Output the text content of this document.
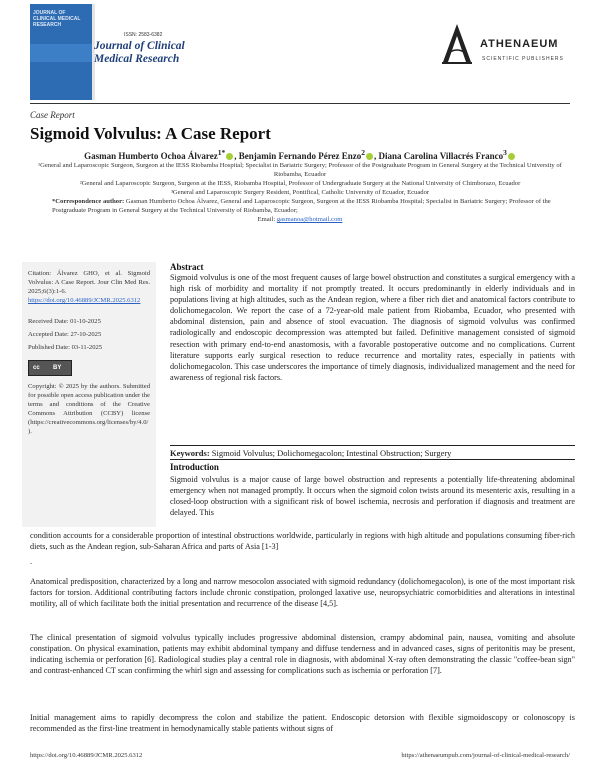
JOURNAL OF CLINICAL MEDICAL RESEARCH
ISSN: 2583-6382
Journal of Clinical
Medical Research
ATHENAEUM
SCIENTIFIC PUBLISHERS
Case Report
Sigmoid Volvulus: A Case Report
Gasman Humberto Ochoa Álvarez$^{1*}$ , Benjamin Fernando Pérez Enzo$^2$ , Diana Carolina Villacrés Franco$^3$

¹General and Laparoscopic Surgeon, Surgeon at the IESS Riobamba Hospital; Specialist in Bariatric Surgery; Professor of the Postgraduate Program in General Surgery at the Technical University of Riobamba, Ecuador

²General and Laparoscopic Surgeon, Surgeon at the IESS, Riobamba Hospital, Professor of Undergraduate Surgery at the National University of Chimborazo, Ecuador

³General and Laparoscopic Surgery Resident, Pontifical, Catholic University of Ecuador, Ecuador

*Correspondence author: Gasman Humberto Ochoa Álvarez, General and Laparoscopic Surgeon, Surgeon at the IESS Riobamba Hospital; Specialist in Bariatric Surgery; Professor of the Postgraduate Program in General Surgery at the Technical University of Riobamba, Ecuador;

Email: gasmanoa@hotmail.com

Citation: Álvarez GHO, et al. Sigmoid Volvulus: A Case Report. Jour Clin Med Res. 2025;6(3):1-6.

https://doi.org/10.46889/JCMR.2025.6312

Received Date: 01-10-2025

Accepted Date: 27-10-2025

Published Date: 03-11-2025

cc BY

Copyright: © 2025 by the authors. Submitted for possible open access publication under the terms and conditions of the Creative Commons Attribution (CCBY) license (https://creativecommons.org/licenses/by/4.0/).

Abstract
Sigmoid volvulus is one of the most frequent causes of large bowel obstruction and constitutes a surgical emergency with a high risk of morbidity and mortality if not promptly treated. It occurs predominantly in elderly individuals and in populations living at high altitudes, such as the Andean region, where a fiber rich diet and anatomical factors contribute to dolichomegacolon. We report the case of a 72-year-old male patient from Riobamba, Ecuador, who presented with abdominal distension, pain and absence of stool evacuation. The diagnosis of sigmoid volvulus was confirmed radiologically and endoscopic decompression was attempted but failed. Definitive management consisted of sigmoid resection with primary end-to-end anastomosis, with a favorable postoperative outcome and no complications. Current literature supports early surgical resection to reduce recurrence and mortality rates, especially in patients with dolichomegacolon. This case underscores the importance of timely diagnosis, individualized management and the need for awareness of regional risk factors.
Keywords: Sigmoid Volvulus; Dolichomegacolon; Intestinal Obstruction; Surgery
Introduction
Sigmoid volvulus is a major cause of large bowel obstruction and represents a potentially life-threatening abdominal emergency when not managed promptly. It occurs when the sigmoid colon twists around its mesenteric axis, resulting in a closed-loop obstruction with a significant risk of bowel ischemia, necrosis and perforation if diagnosis and treatment are delayed. This
condition accounts for a considerable proportion of intestinal obstructions worldwide, particularly in regions with high altitude and populations consuming fiber-rich diets, such as the Andean region, sub-Saharan Africa and parts of Asia [1-3]
.
Anatomical predisposition, characterized by a long and narrow mesocolon associated with sigmoid redundancy (dolichomegacolon), is one of the most important risk factors for torsion. Additional contributing factors include chronic constipation, prolonged laxative use, neuropsychiatric comorbidities and alterations in intestinal motility, all of which facilitate both the initial presentation and recurrence of the disease [4,5].
The clinical presentation of sigmoid volvulus typically includes progressive abdominal distension, crampy abdominal pain, nausea, vomiting and absolute constipation. On physical examination, patients may exhibit abdominal tympany and diffuse tenderness and in advanced cases, signs of peritonitis may be present, indicating ischemia or perforation [6]. Radiological studies play a central role in diagnosis, with abdominal X-ray often demonstrating the classic "coffee-bean sign" and contrast-enhanced CT scan confirming the whirl sign and assessing for complications such as ischemia or perforation [7].
Initial management aims to rapidly decompress the colon and stabilize the patient. Endoscopic detorsion with flexible sigmoidoscopy or colonoscopy is recommended as the first-line treatment in hemodynamically stable patients without signs of
https://doi.org/10.46889/JCMR.2025.6312	https://athenaeumpub.com/journal-of-clinical-medical-research/
